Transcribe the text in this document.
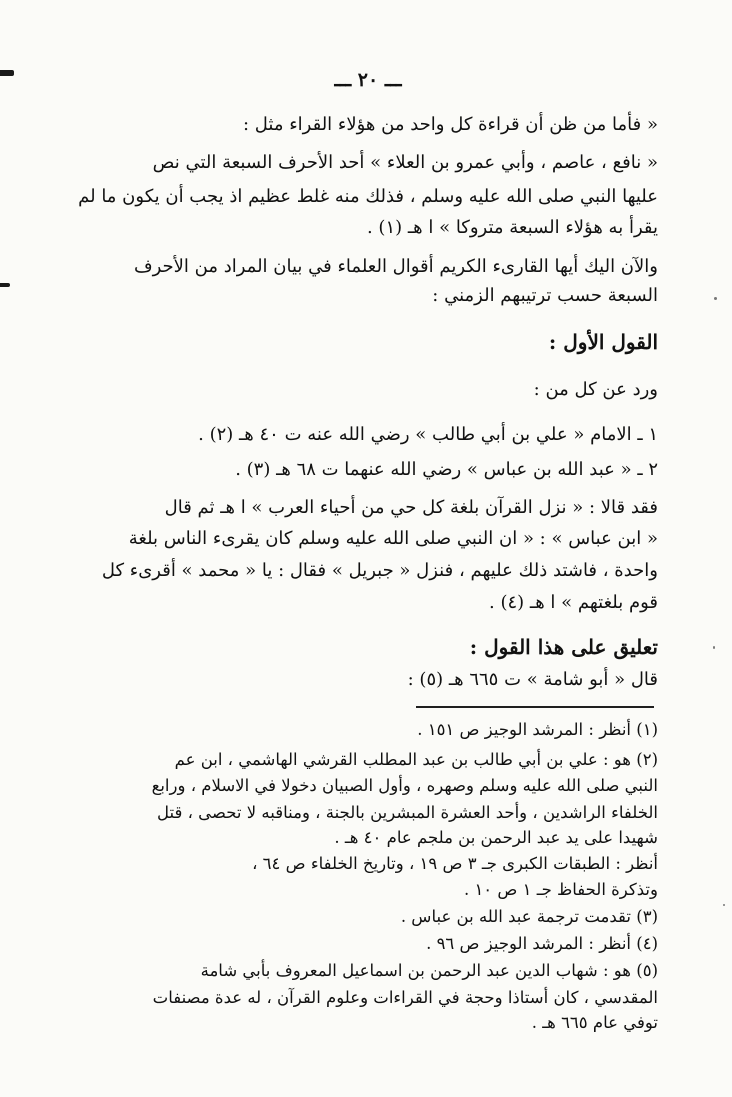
ـــ ٢٠ ـــ
« فأما من ظن أن قراءة كل واحد من هؤلاء القراء مثل :
« نافع ، عاصم ، وأبي عمرو بن العلاء » أحد الأحرف السبعة التي نص
عليها النبي صلى الله عليه وسلم ، فذلك منه غلط عظيم اذ يجب أن يكون ما لم
يقرأ به هؤلاء السبعة متروكا » ا هـ (١) .
والآن اليك أيها القارىء الكريم أقوال العلماء في بيان المراد من الأحرف
السبعة حسب ترتيبهم الزمني :
القول الأول :
ورد عن كل من :
١ ـ الامام « علي بن أبي طالب » رضي الله عنه ت ٤٠ هـ (٢) .
٢ ـ « عبد الله بن عباس » رضي الله عنهما ت ٦٨ هـ (٣) .
فقد قالا : « نزل القرآن بلغة كل حي من أحياء العرب » ا هـ ثم قال
« ابن عباس » : « ان النبي صلى الله عليه وسلم كان يقرىء الناس بلغة
واحدة ، فاشتد ذلك عليهم ، فنزل « جبريل » فقال : يا « محمد » أقرىء كل
قوم بلغتهم » ا هـ (٤) .
تعليق على هذا القول :
قال « أبو شامة » ت ٦٦٥ هـ (٥) :
(١) أنظر : المرشد الوجيز ص ١٥١ .
(٢) هو : علي بن أبي طالب بن عبد المطلب القرشي الهاشمي ، ابن عم
النبي صلى الله عليه وسلم وصهره ، وأول الصبيان دخولا في الاسلام ، ورابع
الخلفاء الراشدين ، وأحد العشرة المبشرين بالجنة ، ومناقبه لا تحصى ، قتل
شهيدا على يد عبد الرحمن بن ملجم عام ٤٠ هـ .
أنظر : الطبقات الكبرى جـ ٣ ص ١٩ ، وتاريخ الخلفاء ص ٦٤ ،
وتذكرة الحفاظ جـ ١ ص ١٠ .
(٣) تقدمت ترجمة عبد الله بن عباس .
(٤) أنظر : المرشد الوجيز ص ٩٦ .
(٥) هو : شهاب الدين عبد الرحمن بن اسماعيل المعروف بأبي شامة
المقدسي ، كان أستاذا وحجة في القراءات وعلوم القرآن ، له عدة مصنفات
توفي عام ٦٦٥ هـ .
